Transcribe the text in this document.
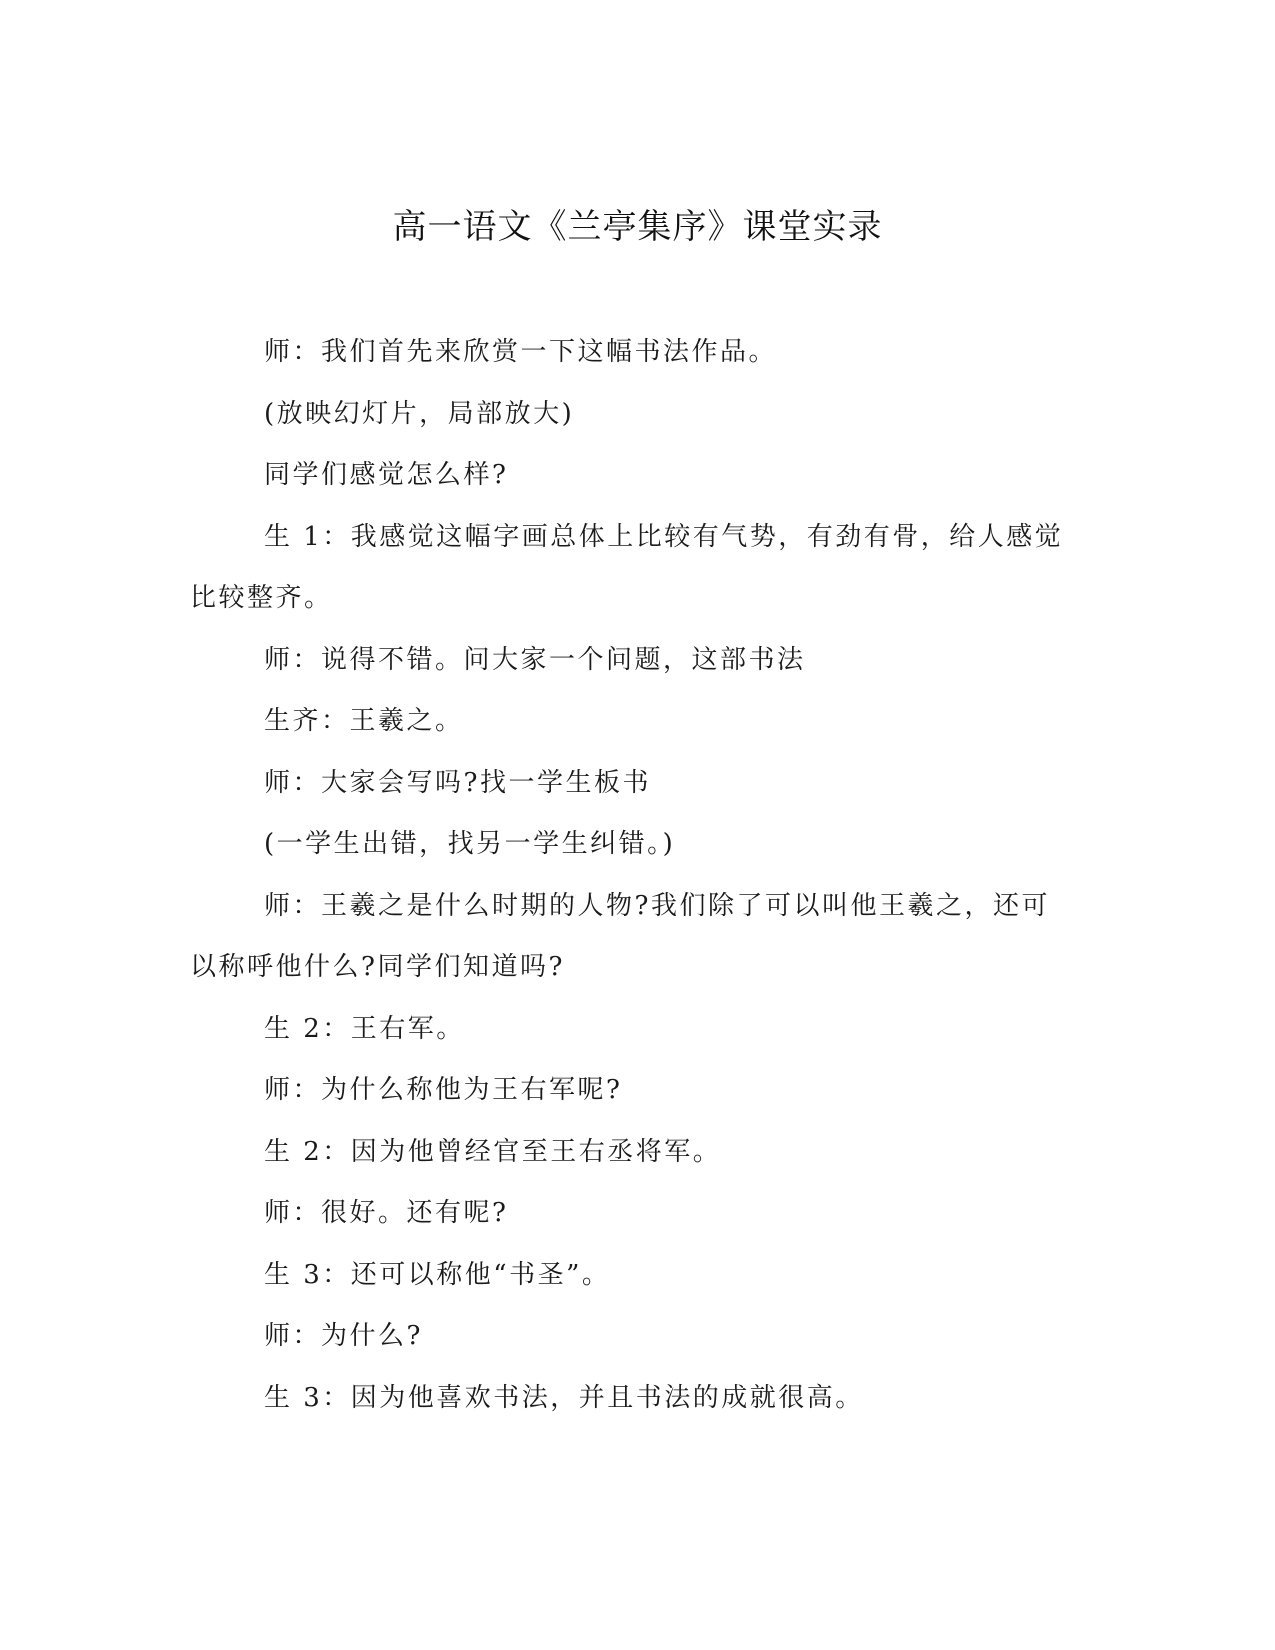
高一语文《兰亭集序》课堂实录

师：我们首先来欣赏一下这幅书法作品。

(放映幻灯片，局部放大)

同学们感觉怎么样?

生 1：我感觉这幅字画总体上比较有气势，有劲有骨，给人感觉比较整齐。

师：说得不错。问大家一个问题，这部书法

生齐：王羲之。

师：大家会写吗?找一学生板书

(一学生出错，找另一学生纠错。)

师：王羲之是什么时期的人物?我们除了可以叫他王羲之，还可以称呼他什么?同学们知道吗?

生 2：王右军。

师：为什么称他为王右军呢?

生 2：因为他曾经官至王右丞将军。

师：很好。还有呢?

生 3：还可以称他“书圣”。

师：为什么?

生 3：因为他喜欢书法，并且书法的成就很高。
